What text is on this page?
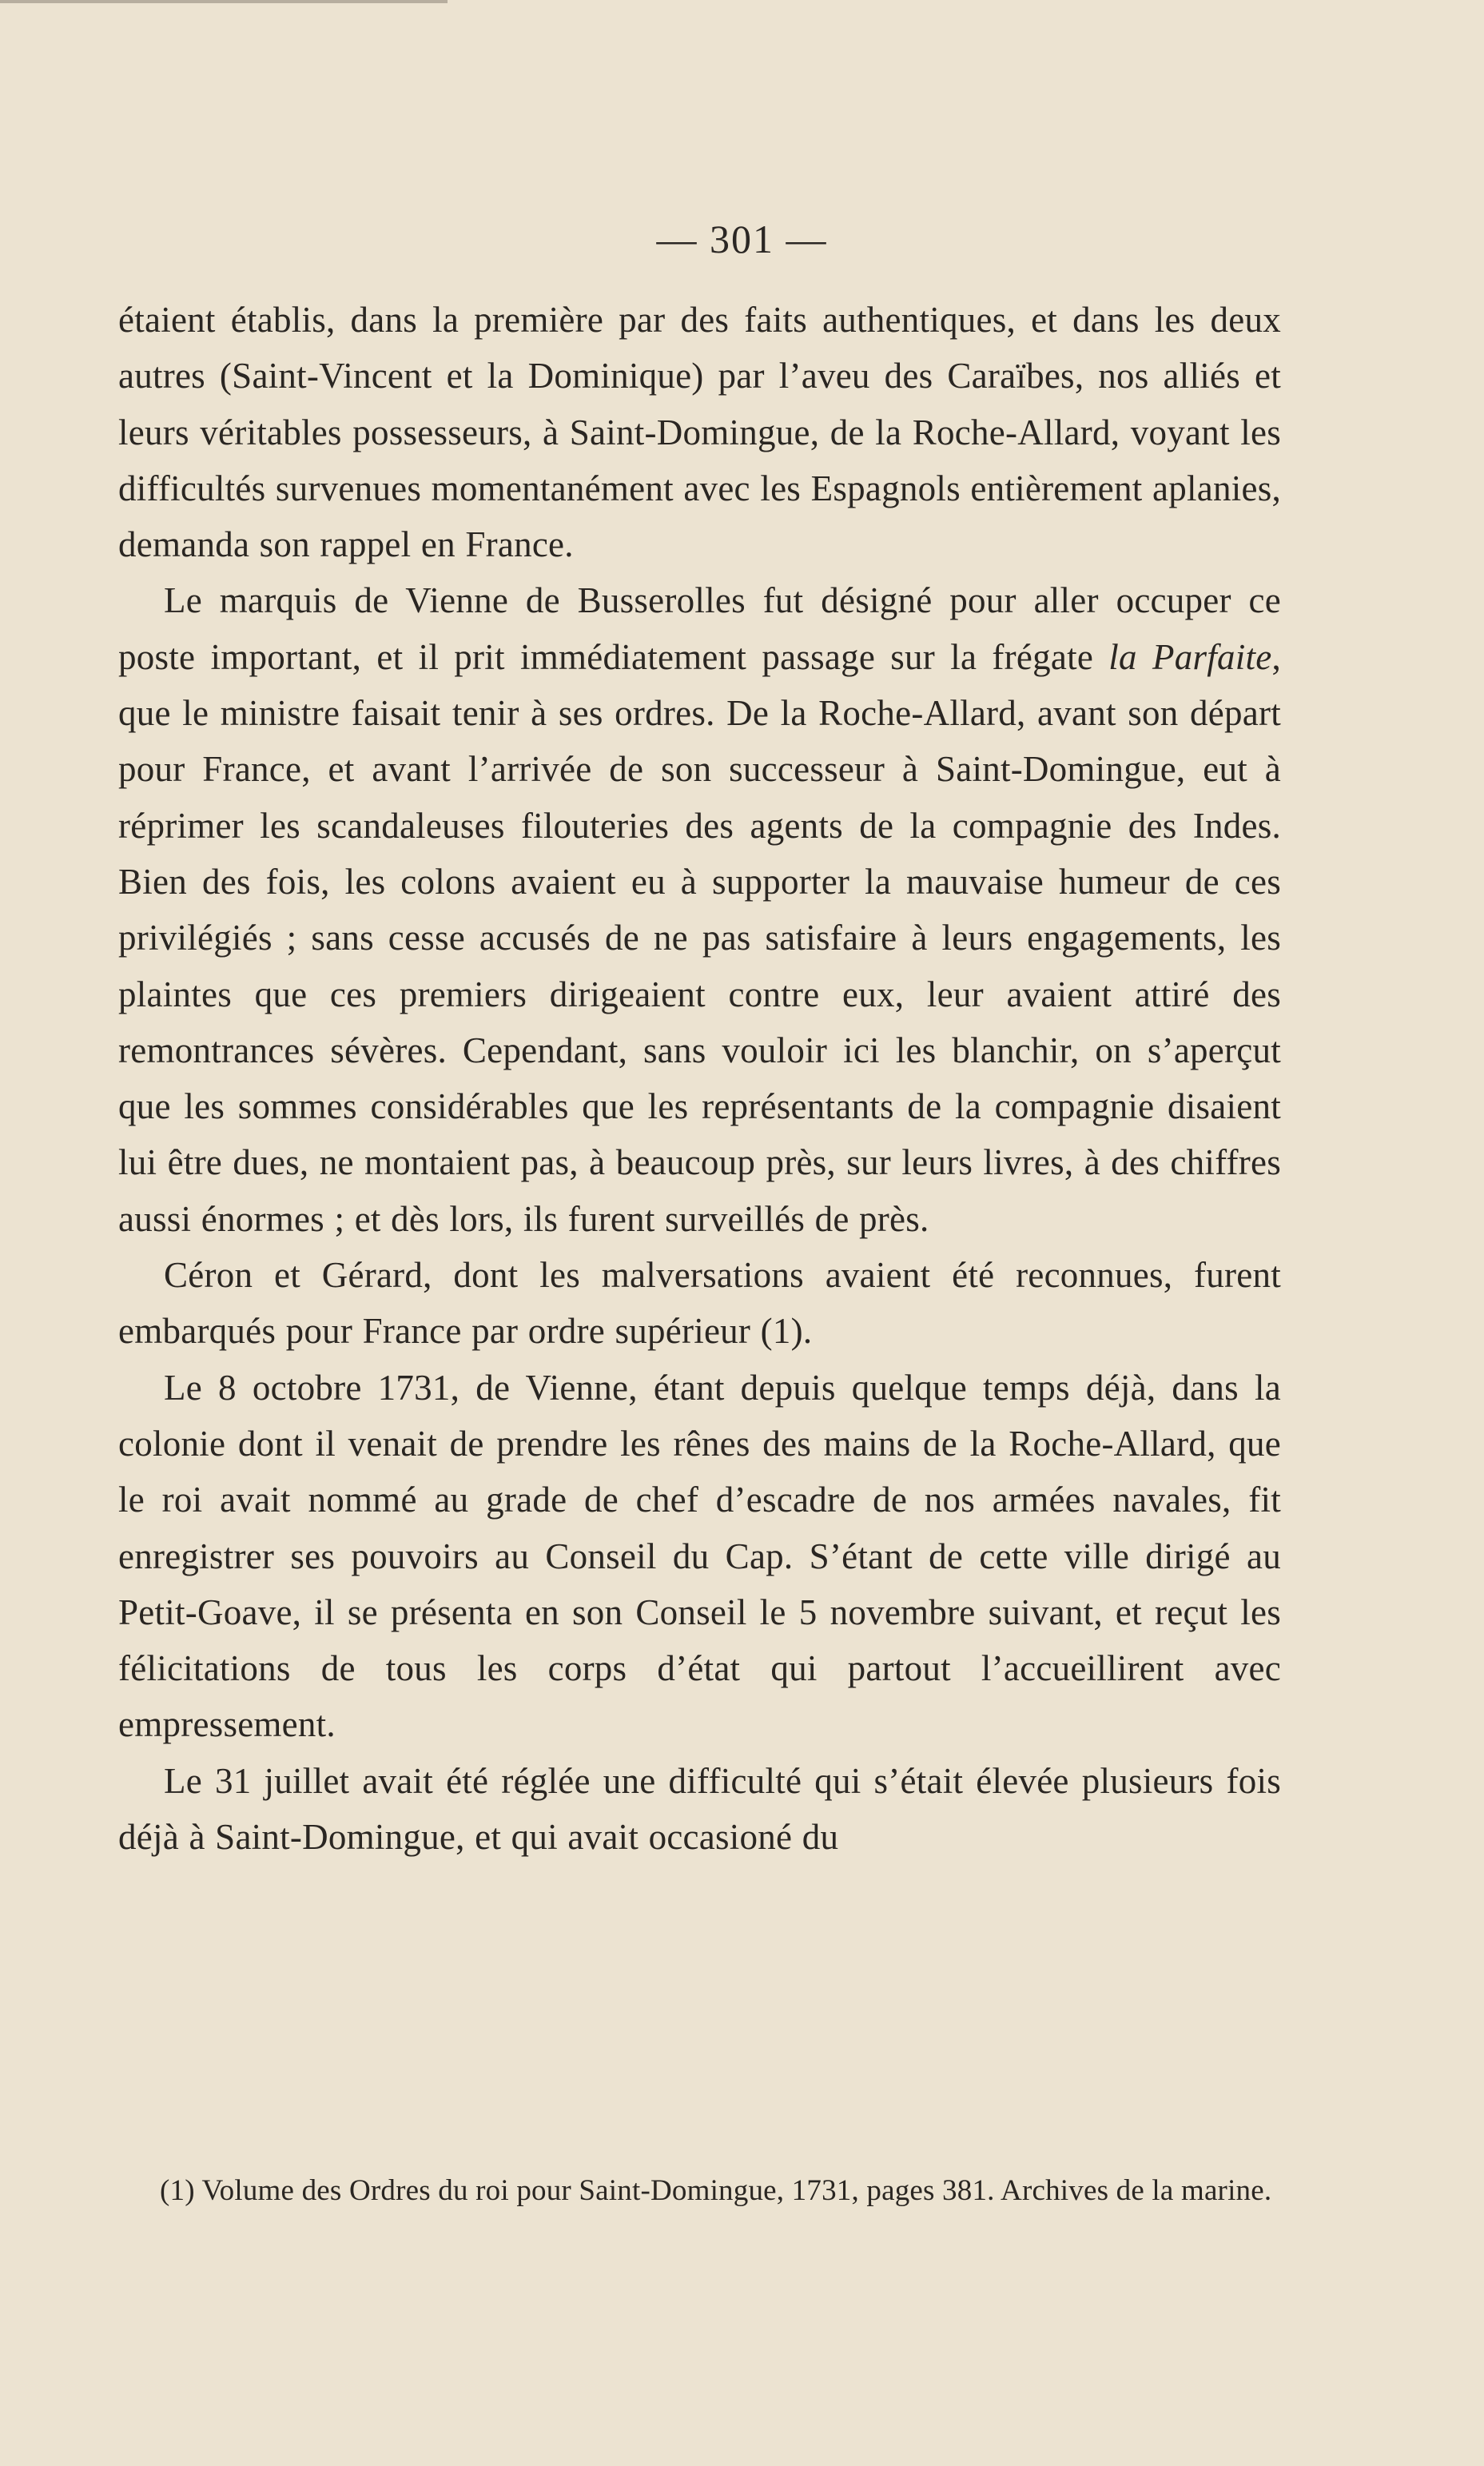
— 301 —

étaient établis, dans la première par des faits authentiques, et dans les deux autres (Saint-Vincent et la Dominique) par l’aveu des Caraïbes, nos alliés et leurs véritables possesseurs, à Saint-Domingue, de la Roche-Allard, voyant les difficultés survenues momentanément avec les Espagnols entièrement aplanies, demanda son rappel en France.

Le marquis de Vienne de Busserolles fut désigné pour aller occuper ce poste important, et il prit immédiatement passage sur la frégate la Parfaite, que le ministre faisait tenir à ses ordres. De la Roche-Allard, avant son départ pour France, et avant l’arrivée de son successeur à Saint-Domingue, eut à réprimer les scandaleuses filouteries des agents de la compagnie des Indes. Bien des fois, les colons avaient eu à supporter la mauvaise humeur de ces privilégiés ; sans cesse accusés de ne pas satisfaire à leurs engagements, les plaintes que ces premiers dirigeaient contre eux, leur avaient attiré des remontrances sévères. Cependant, sans vouloir ici les blanchir, on s’aperçut que les sommes considérables que les représentants de la compagnie disaient lui être dues, ne montaient pas, à beaucoup près, sur leurs livres, à des chiffres aussi énormes ; et dès lors, ils furent surveillés de près.

Céron et Gérard, dont les malversations avaient été reconnues, furent embarqués pour France par ordre supérieur (1).

Le 8 octobre 1731, de Vienne, étant depuis quelque temps déjà, dans la colonie dont il venait de prendre les rênes des mains de la Roche-Allard, que le roi avait nommé au grade de chef d’escadre de nos armées navales, fit enregistrer ses pouvoirs au Conseil du Cap. S’étant de cette ville dirigé au Petit-Goave, il se présenta en son Conseil le 5 novembre suivant, et reçut les félicitations de tous les corps d’état qui partout l’accueillirent avec empressement.

Le 31 juillet avait été réglée une difficulté qui s’était élevée plusieurs fois déjà à Saint-Domingue, et qui avait occasioné du

(1) Volume des Ordres du roi pour Saint-Domingue, 1731, pages 381. Archives de la marine.
